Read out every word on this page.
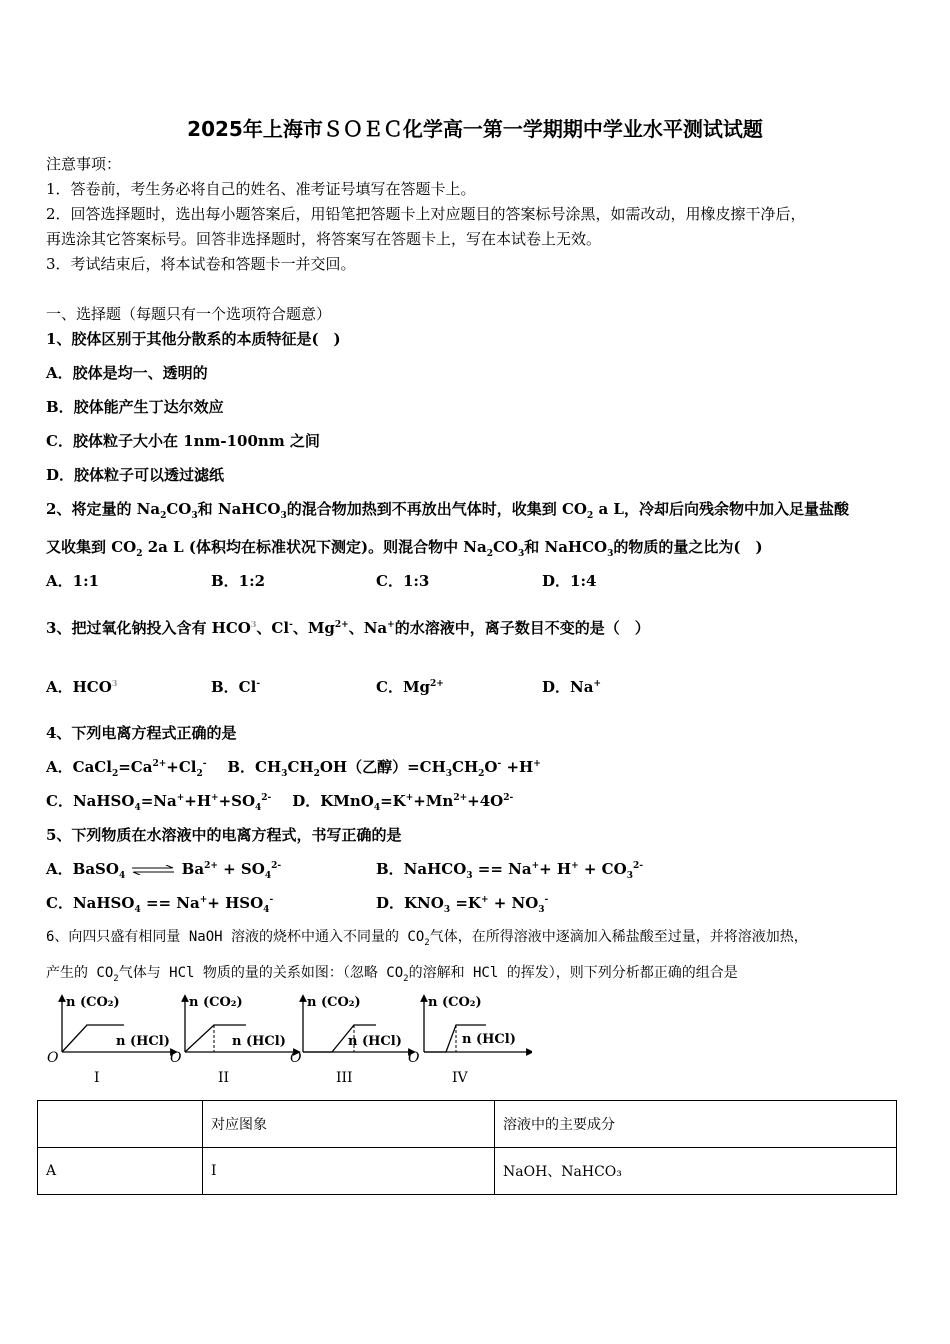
2025年上海市ＳＯＥＣ化学高一第一学期期中学业水平测试试题
注意事项：
1．答卷前，考生务必将自己的姓名、准考证号填写在答题卡上。
2．回答选择题时，选出每小题答案后，用铅笔把答题卡上对应题目的答案标号涂黑，如需改动，用橡皮擦干净后，
再选涂其它答案标号。回答非选择题时，将答案写在答题卡上，写在本试卷上无效。
3．考试结束后，将本试卷和答题卡一并交回。
一、选择题（每题只有一个选项符合题意）
1、胶体区别于其他分散系的本质特征是(　)
A．胶体是均一、透明的
B．胶体能产生丁达尔效应
C．胶体粒子大小在 1nm-100nm 之间
D．胶体粒子可以透过滤纸
2、将定量的 $Na_2CO_3$和 NaHCO$_3$的混合物加热到不再放出气体时，收集到 $CO_2$ a L，冷却后向残余物中加入足量盐酸
又收集到 $CO_2$ 2a L (体积均在标准状况下测定)。则混合物中 $Na_2CO_3$和 NaHCO$_3$的物质的量之比为(　)
A．1:1	B．1:2	C．1:3	D．1:4
3、把过氧化钠投入含有 HCO$^3$、Cl-、$Mg^{2+}$、Na+的水溶液中，离子数目不变的是（　）
A．HCO$^3$	B．Cl-	C．$Mg^{2+}$	D．Na+
4、下列电离方程式正确的是
A．$CaCl_2=Ca^{2+}+Cl_2^-$ B．$CH_3CH_2OH$（乙醇）$=CH_3CH_2O^- +H^+$
C．$NaHSO_4=Na^++H^++SO_4^{2-}$ D．$KMnO_4=K^++Mn^{2+}+4O^{2-}$
5、下列物质在水溶液中的电离方程式，书写正确的是
A．BaSO$_4$ ⇌ $Ba^{2+} + SO_4^{2-}$	B．NaHCO$_3$ == $Na^++ H^+ + CO_3^{2-}$
C．NaHSO$_4$ == $Na^++ HSO_4^-$	D．$KNO_3 =K^+ + NO_3^-$
6、向四只盛有相同量 NaOH 溶液的烧杯中通入不同量的 $CO_2$气体，在所得溶液中逐滴加入稀盐酸至过量，并将溶液加热，
产生的 $CO_2$气体与 HCl 物质的量的关系如图：（忽略 $CO_2$的溶解和 HCl 的挥发），则下列分析都正确的组合是
n (CO₂)
n (HCl)
O
I
n (CO₂)
n (HCl)
O
II
n (CO₂)
n (HCl)
O
III
n (CO₂)
n (HCl)
O
IV
	对应图象	溶液中的主要成分
A	Ⅰ	NaOH、NaHCO₃
